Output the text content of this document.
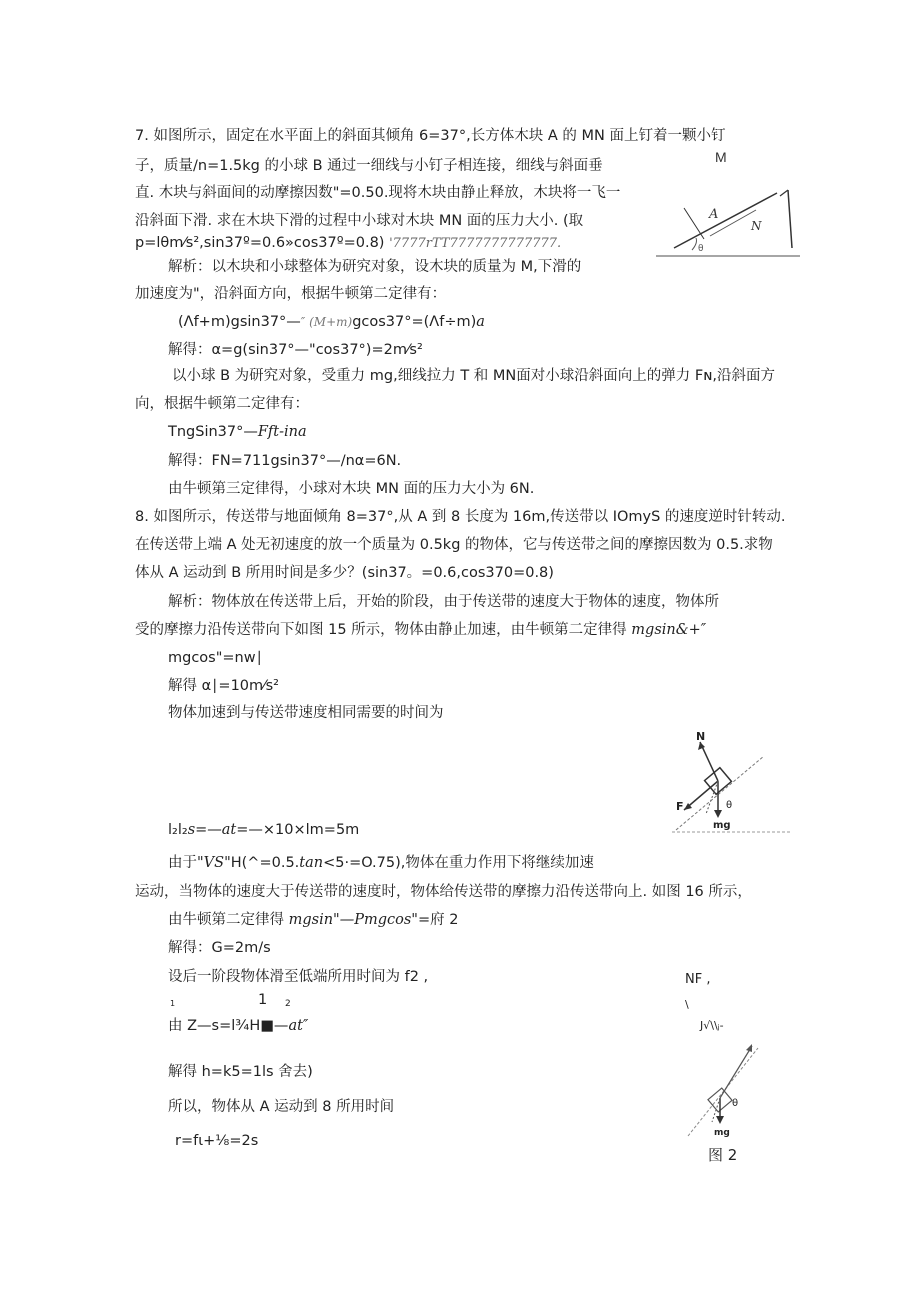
7. 如图所示，固定在水平面上的斜面其倾角 6=37°,长方体木块 A 的 MN 面上钉着一颗小钉
子，质量/n=1.5kg 的小球 B 通过一细线与小钉子相连接，细线与斜面垂
直. 木块与斜面间的动摩擦因数"=0.50.现将木块由静止释放，木块将一飞一
沿斜面下滑. 求在木块下滑的过程中小球对木块 MN 面的压力大小. (取
p=lθm⁄s²,sin37º=0.6»cos37º=0.8) '7777rTT7777777777777.
M
A
N
θ
解析：以木块和小球整体为研究对象，设木块的质量为 M,下滑的
加速度为"，沿斜面方向，根据牛顿第二定律有：
(Λf+m)gsin37°—″ (M+m)gcos37°=(Λf÷m)a
解得：α=g(sin37°—"cos37°)=2m⁄s²
以小球 B 为研究对象，受重力 mg,细线拉力 T 和 MN面对小球沿斜面向上的弹力 Fɴ,沿斜面方
向，根据牛顿第二定律有：
TngSin37°—Fft-ina
解得：FN=711gsin37°—/nα=6N.
由牛顿第三定律得，小球对木块 MN 面的压力大小为 6N.
8. 如图所示，传送带与地面倾角 8=37°,从 A 到 8 长度为 16m,传送带以 IOmyS 的速度逆时针转动.
在传送带上端 A 处无初速度的放一个质量为 0.5kg 的物体，它与传送带之间的摩擦因数为 0.5.求物
体从 A 运动到 B 所用时间是多少？(sin37。=0.6,cos370=0.8)
解析：物体放在传送带上后，开始的阶段，由于传送带的速度大于物体的速度，物体所
受的摩擦力沿传送带向下如图 15 所示，物体由静止加速，由牛顿第二定律得 mgsin&+″
mgcos"=nw∣
解得 α∣=10m⁄s²
物体加速到与传送带速度相同需要的时间为
N
F
mg
θ
l₂l₂s=—at=—×10×lm=5m
由于"VS"H(^=0.5.tan<5·=O.75),物体在重力作用下将继续加速
运动，当物体的速度大于传送带的速度时，物体给传送带的摩擦力沿传送带向上. 如图 16 所示，
由牛顿第二定律得 mgsin"—Pmgcos"=府 2
解得：G=2m/s
设后一阶段物体滑至低端所用时间为 f2 ,
1	1 2
由 Z—s=l¾H■—at″
解得 h=k5=1ls 舍去)
所以，物体从 A 运动到 8 所用时间
r=fι+⅛=2s
NF ,
\
J√\\ⱼ-
mg
θ
图 2
